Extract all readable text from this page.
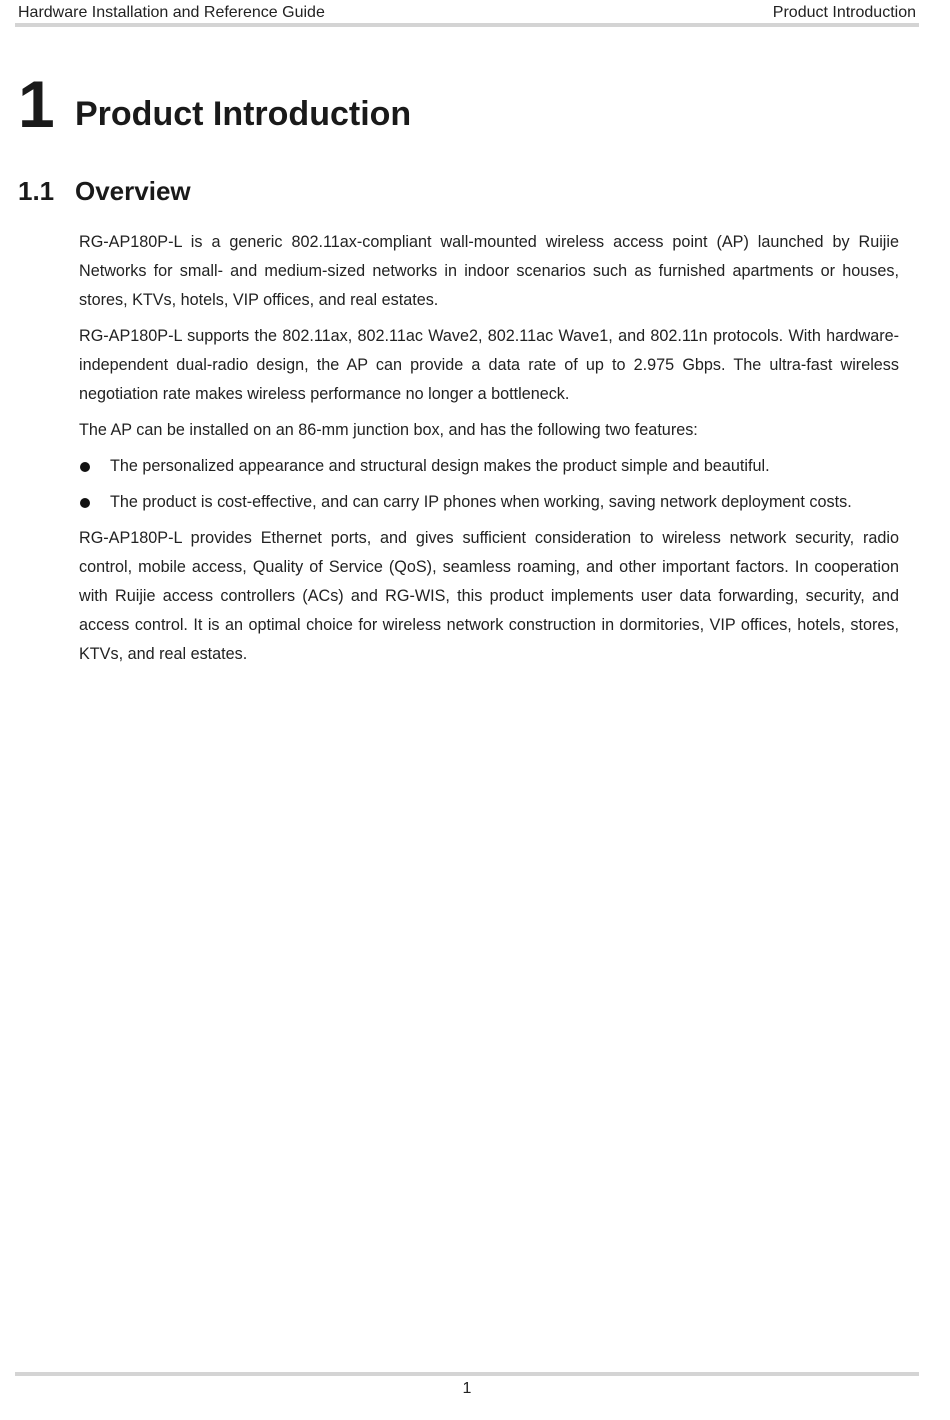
Hardware Installation and Reference Guide	Product Introduction
1 Product Introduction
1.1 Overview

RG-AP180P-L is a generic 802.11ax-compliant wall-mounted wireless access point (AP) launched by Ruijie Networks for small- and medium-sized networks in indoor scenarios such as furnished apartments or houses, stores, KTVs, hotels, VIP offices, and real estates.

RG-AP180P-L supports the 802.11ax, 802.11ac Wave2, 802.11ac Wave1, and 802.11n protocols. With hardware-independent dual-radio design, the AP can provide a data rate of up to 2.975 Gbps. The ultra-fast wireless negotiation rate makes wireless performance no longer a bottleneck.

The AP can be installed on an 86-mm junction box, and has the following two features:

The personalized appearance and structural design makes the product simple and beautiful.
The product is cost-effective, and can carry IP phones when working, saving network deployment costs.

RG-AP180P-L provides Ethernet ports, and gives sufficient consideration to wireless network security, radio control, mobile access, Quality of Service (QoS), seamless roaming, and other important factors. In cooperation with Ruijie access controllers (ACs) and RG-WIS, this product implements user data forwarding, security, and access control. It is an optimal choice for wireless network construction in dormitories, VIP offices, hotels, stores, KTVs, and real estates.

1
